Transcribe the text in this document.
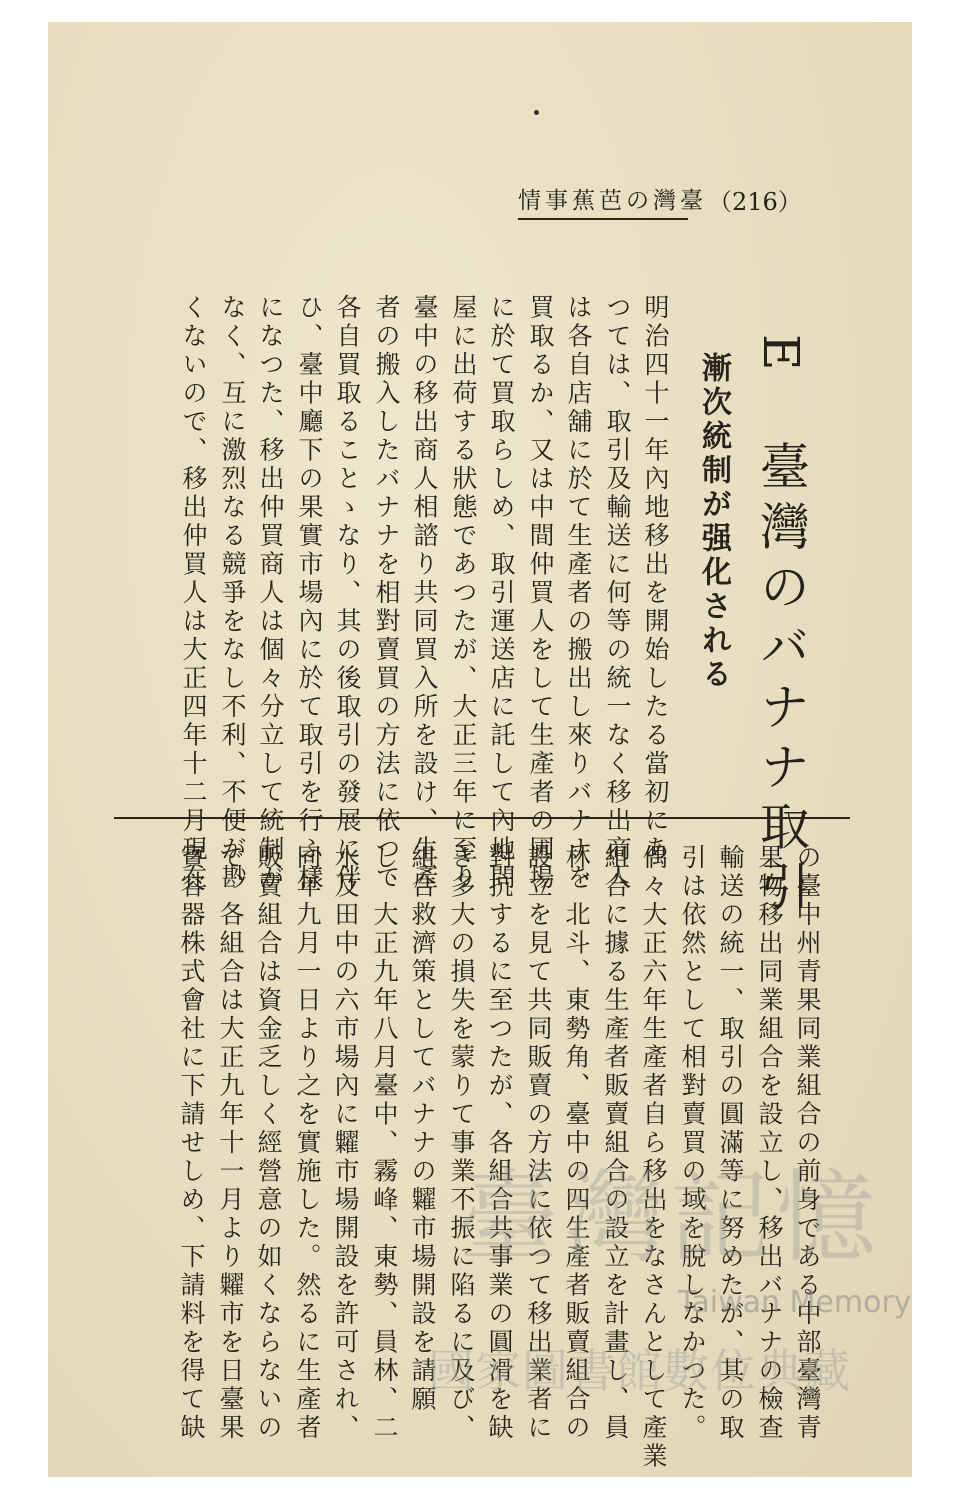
臺灣の芭蕉事情 （216）
E　臺灣のバナナ取引
漸次統制が强化される
明治四十一年內地移出を開始したる當初にあ
つては、取引及輸送に何等の統一なく移出商人
は各自店舖に於て生產者の搬出し來りバナナを
買取るか、又は中間仲買人をして生產者の圃場
に於て買取らしめ、取引運送店に託して內地問
屋に出荷する狀態であつたが、大正三年に至り
臺中の移出商人相諮り共同買入所を設け、生產
者の搬入したバナナを相對賣買の方法に依つて
各自買取ることゝなり、其の後取引の發展に伴
ひ、臺中廳下の果實市場內に於て取引を行ふ樣
になつた、移出仲買商人は個々分立して統制が
なく、互に激烈なる競爭をなし不利、不便が尠
くないので、移出仲買人は大正四年十二月現在
の臺中州青果同業組合の前身である中部臺灣青
果物移出同業組合を設立し、移出バナナの檢查
輸送の統一、取引の圓滿等に努めたが、其の取
引は依然として相對賣買の域を脫しなかつた。
偶々大正六年生產者自ら移出をなさんとして產業
組合に據る生產者販賣組合の設立を計畫し、員
林、北斗、東勢角、臺中の四生產者販賣組合の
設立を見て共同販賣の方法に依つて移出業者に
對抗するに至つたが、各組合共事業の圓滑を缺
き多大の損失を蒙りて事業不振に陷るに及び、
組合救濟策としてバナナの糶市場開設を請願
し、大正九年八月臺中、霧峰、東勢、員林、二
水及田中の六市場內に糶市場開設を許可され、
同年九月一日より之を實施した。然るに生產者
販賣組合は資金乏しく經營意の如くならないの
で、各組合は大正九年十一月より糶市を日臺果
實容器株式會社に下請せしめ、下請料を得て缺	臺灣記憶
Taiwan Memory
國家圖書館數位典藏
